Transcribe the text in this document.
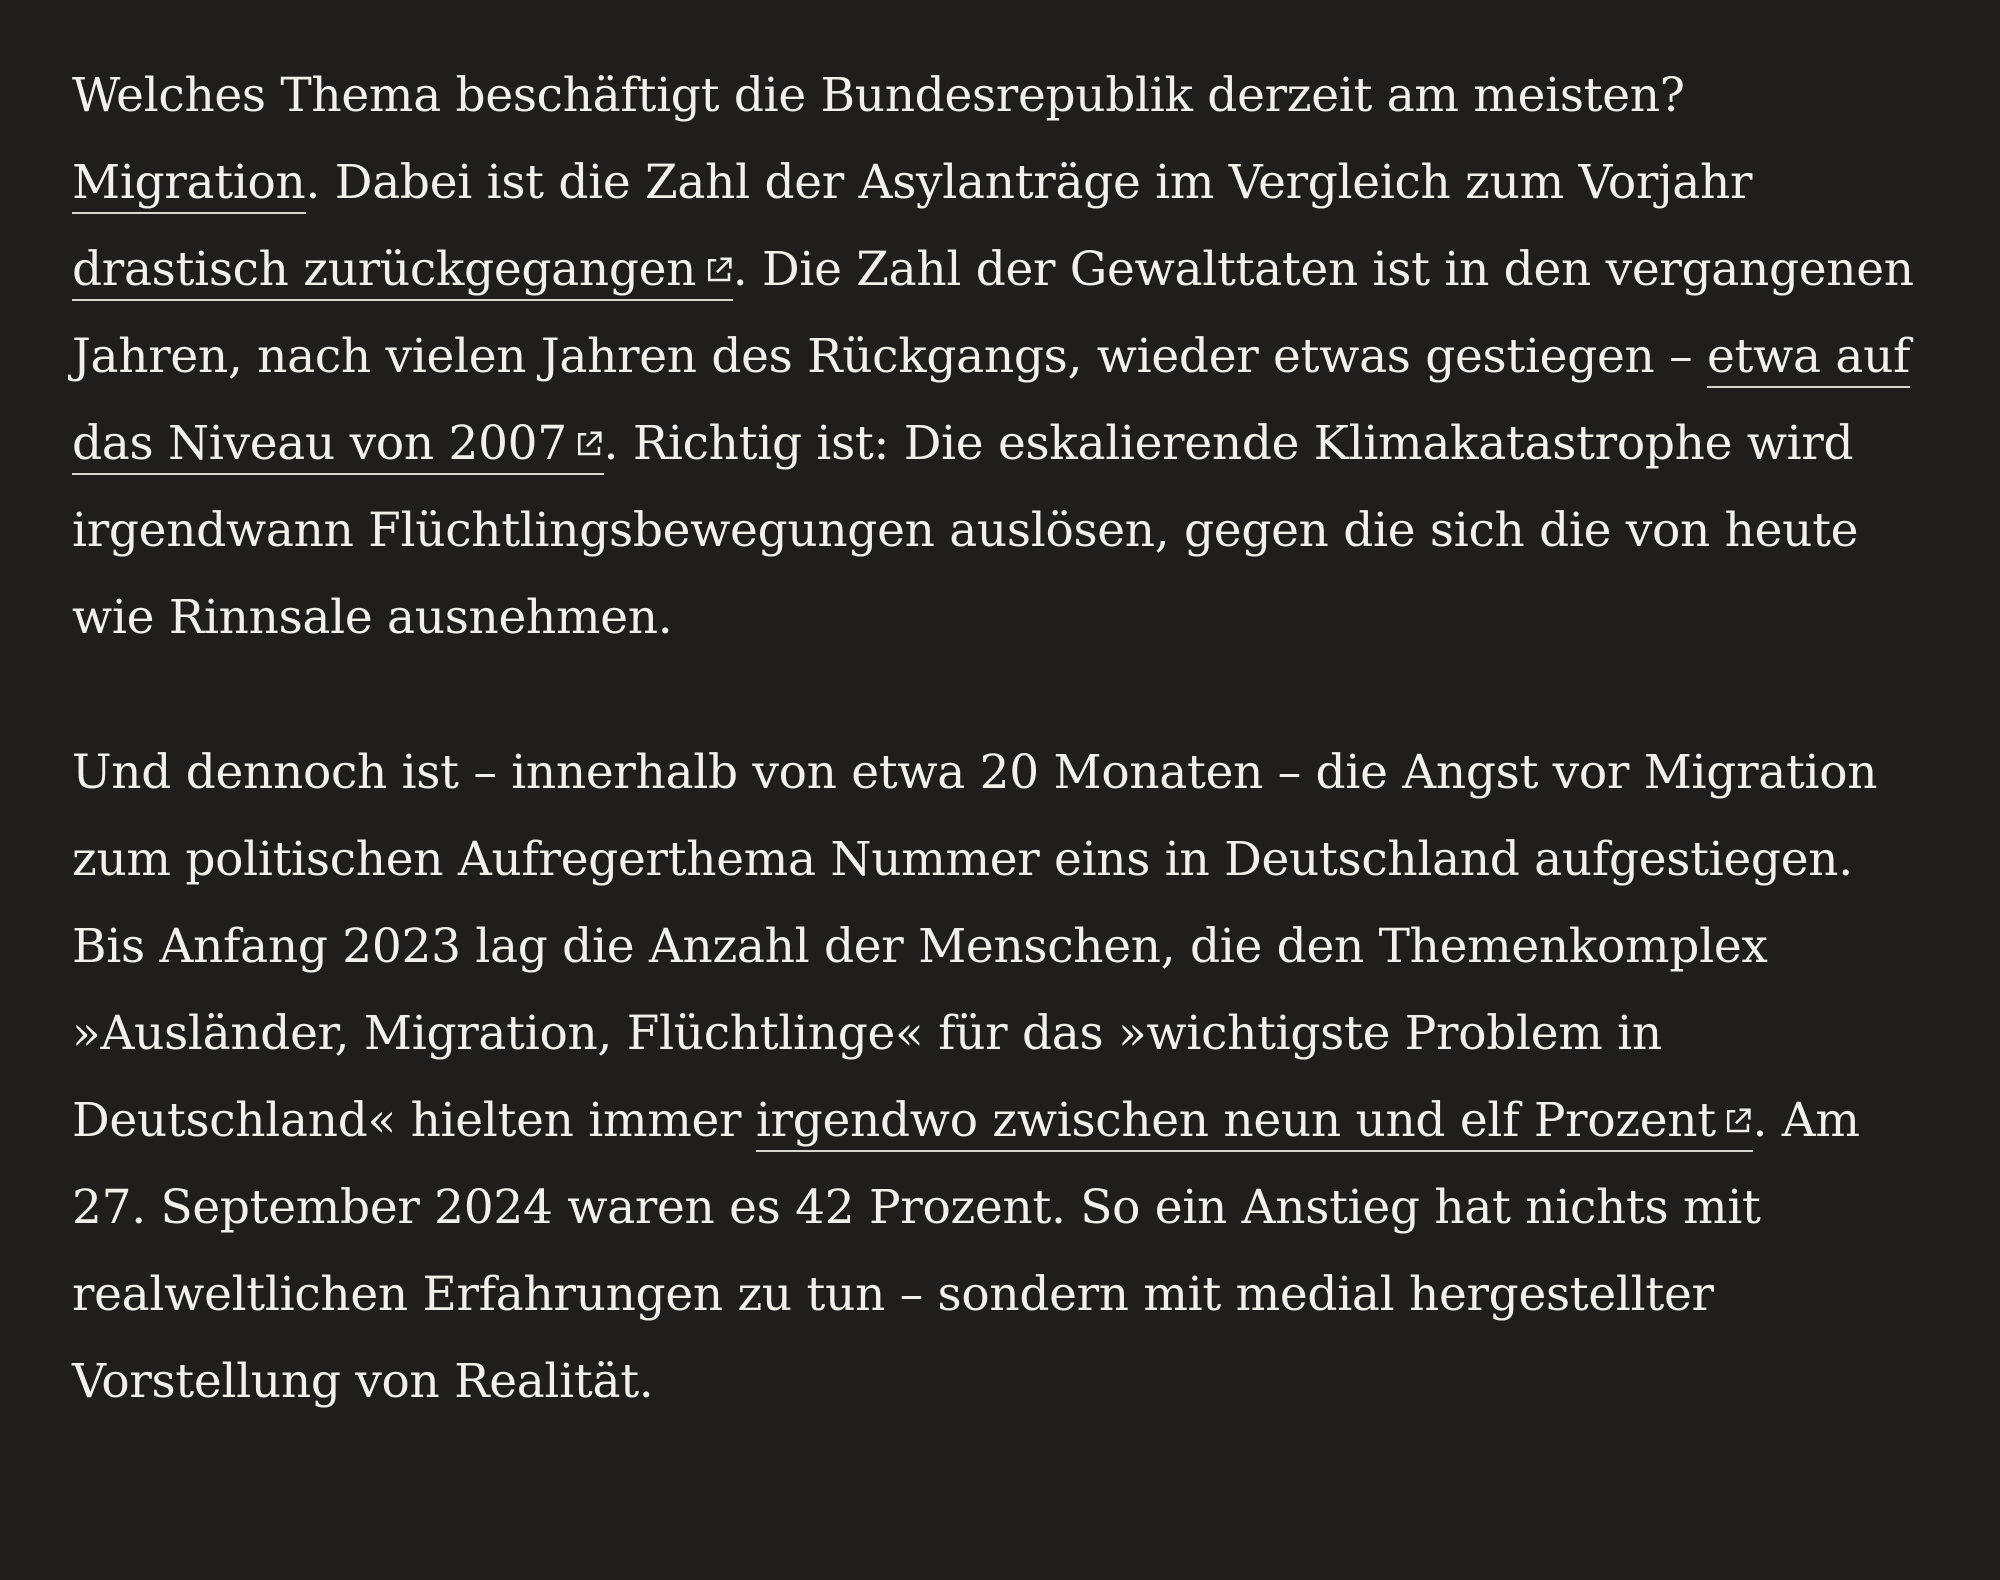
Welches Thema beschäftigt die Bundesrepublik derzeit am meisten? Migration. Dabei ist die Zahl der Asylanträge im Vergleich zum Vorjahr drastisch zurückgegangen . Die Zahl der Gewalttaten ist in den vergangenen Jahren, nach vielen Jahren des Rückgangs, wieder etwas gestiegen – etwa auf das Niveau von 2007 . Richtig ist: Die eskalierende Klimakatastrophe wird irgendwann Flüchtlingsbewegungen auslösen, gegen die sich die von heute wie Rinnsale ausnehmen.

Und dennoch ist – innerhalb von etwa 20 Monaten – die Angst vor Migration zum politischen Aufregerthema Nummer eins in Deutschland aufgestiegen. Bis Anfang 2023 lag die Anzahl der Menschen, die den Themenkomplex »Ausländer, Migration, Flüchtlinge« für das »wichtigste Problem in Deutschland« hielten immer irgendwo zwischen neun und elf Prozent . Am 27. September 2024 waren es 42 Prozent. So ein Anstieg hat nichts mit realweltlichen Erfahrungen zu tun – sondern mit medial hergestellter Vorstellung von Realität.
